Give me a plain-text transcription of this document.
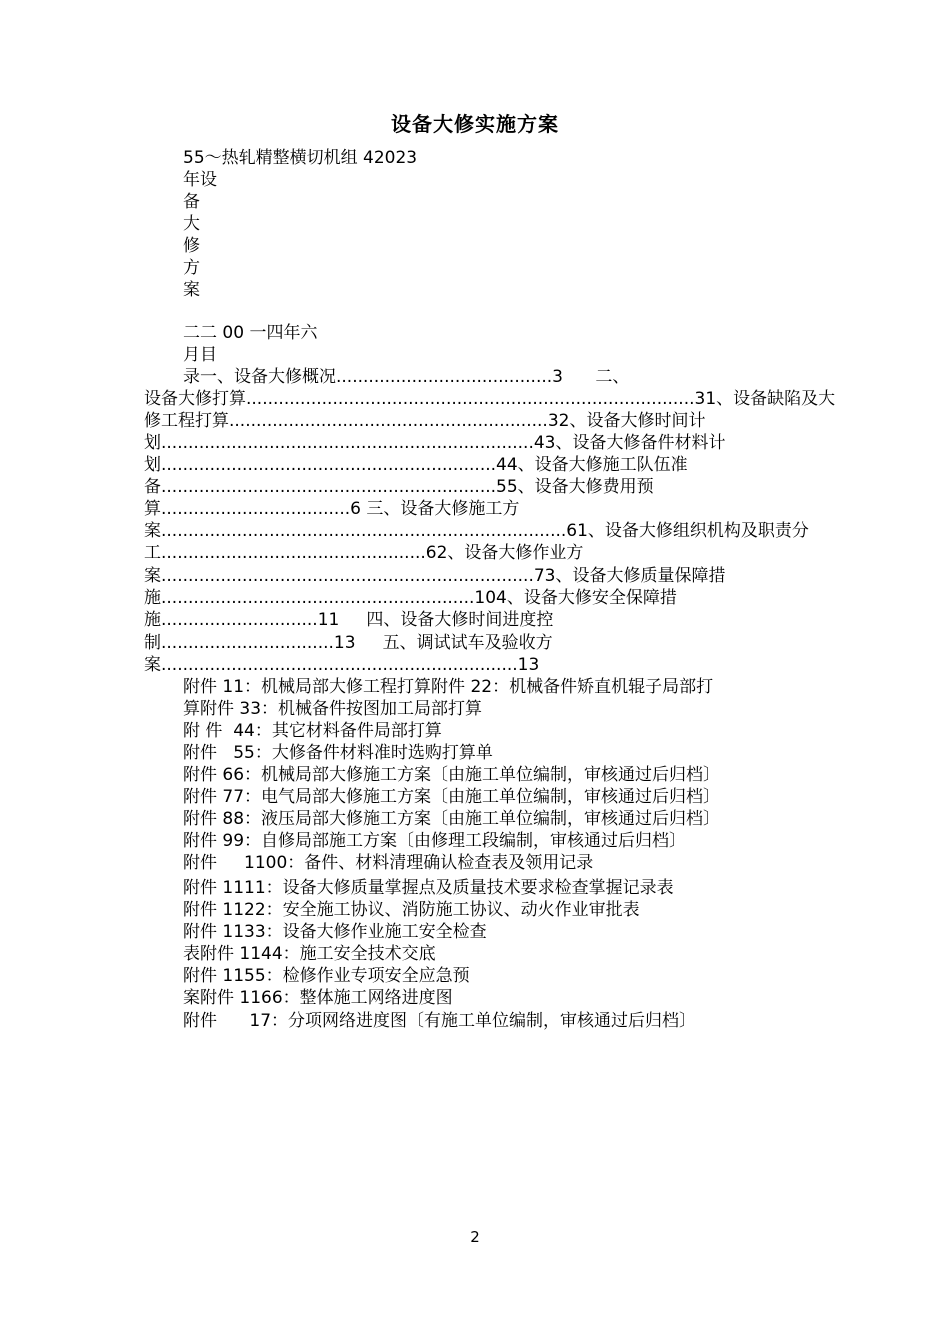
设备大修实施方案
55～热轧精整横切机组 42023
年设
备
大
修
方
案
二二 00 一四年六
月目
录一、设备大修概况........................................3      二、
设备大修打算...................................................................................31、设备缺陷及大
修工程打算...........................................................32、设备大修时间计
划.....................................................................43、设备大修备件材料计
划..............................................................44、设备大修施工队伍准
备..............................................................55、设备大修费用预
算...................................6 三、设备大修施工方
案...........................................................................61、设备大修组织机构及职责分
工.................................................62、设备大修作业方
案.....................................................................73、设备大修质量保障措
施..........................................................104、设备大修安全保障措
施.............................11     四、设备大修时间进度控
制................................13     五、调试试车及验收方
案..................................................................13
附件 11：机械局部大修工程打算附件 22：机械备件矫直机辊子局部打
算附件 33：机械备件按图加工局部打算
附 件  44：其它材料备件局部打算
附件   55：大修备件材料准时选购打算单
附件 66：机械局部大修施工方案〔由施工单位编制，审核通过后归档〕
附件 77：电气局部大修施工方案〔由施工单位编制，审核通过后归档〕
附件 88：液压局部大修施工方案〔由施工单位编制，审核通过后归档〕
附件 99：自修局部施工方案〔由修理工段编制，审核通过后归档〕
附件     1100：备件、材料清理确认检查表及领用记录
附件 1111：设备大修质量掌握点及质量技术要求检查掌握记录表
附件 1122：安全施工协议、消防施工协议、动火作业审批表
附件 1133：设备大修作业施工安全检查
表附件 1144：施工安全技术交底
附件 1155：检修作业专项安全应急预
案附件 1166：整体施工网络进度图
附件      17：分项网络进度图〔有施工单位编制，审核通过后归档〕
2
